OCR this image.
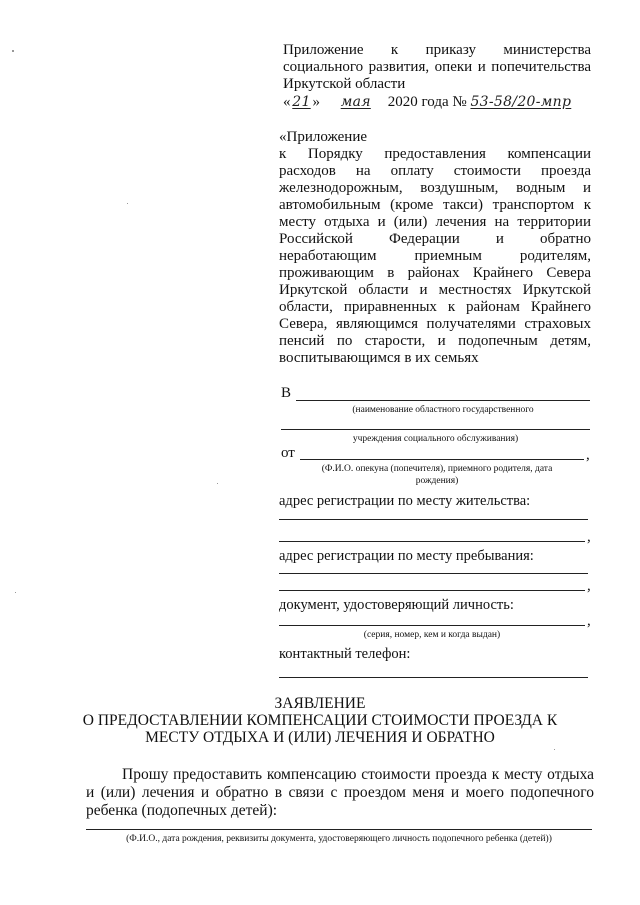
Приложение к приказу министерства
социального развития, опеки и попечительства
Иркутской области
« 21 » мая 2020 года № 53-58/20-мпр
«Приложение
к Порядку предоставления компенсации
расходов на оплату стоимости проезда
железнодорожным, воздушным, водным и
автомобильным (кроме такси) транспортом к
месту отдыха и (или) лечения на территории
Российской Федерации и обратно
неработающим приемным родителям,
проживающим в районах Крайнего Севера
Иркутской области и местностях Иркутской
области, приравненных к районам Крайнего
Севера, являющимся получателями страховых
пенсий по старости, и подопечным детям,
воспитывающимся в их семьях
В
(наименование областного государственного
учреждения социального обслуживания)
от	,
(Ф.И.О. опекуна (попечителя), приемного родителя, дата
рождения)
адрес регистрации по месту жительства:
,
адрес регистрации по месту пребывания:
,
документ, удостоверяющий личность:
,
(серия, номер, кем и когда выдан)
контактный телефон:
ЗАЯВЛЕНИЕ
О ПРЕДОСТАВЛЕНИИ КОМПЕНСАЦИИ СТОИМОСТИ ПРОЕЗДА К
МЕСТУ ОТДЫХА И (ИЛИ) ЛЕЧЕНИЯ И ОБРАТНО
Прошу предоставить компенсацию стоимости проезда к месту отдыха и (или) лечения и обратно в связи с проездом меня и моего подопечного ребенка (подопечных детей):
(Ф.И.О., дата рождения, реквизиты документа, удостоверяющего личность подопечного ребенка (детей))
